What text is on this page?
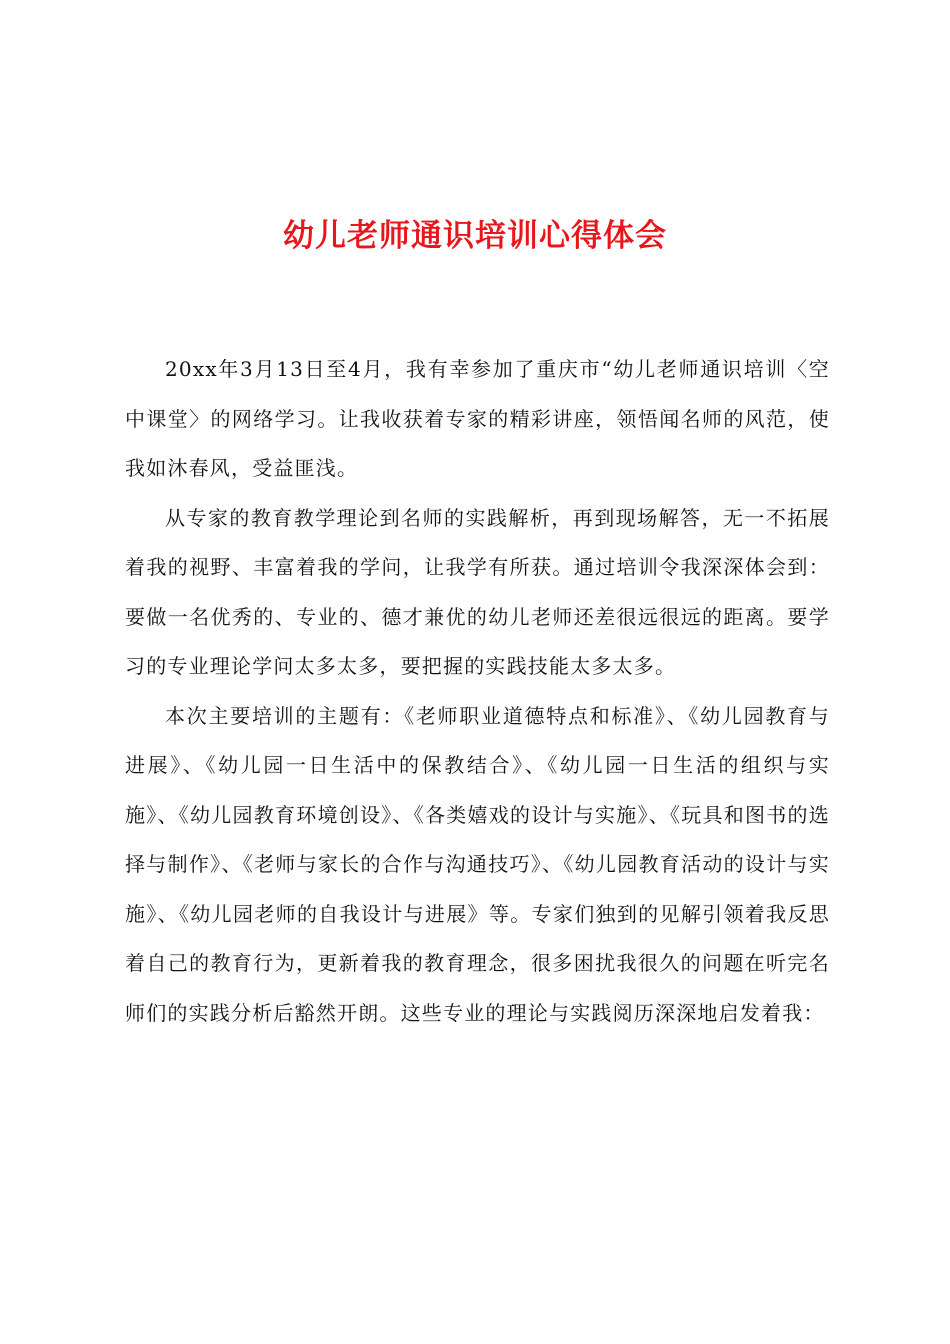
幼儿老师通识培训心得体会

20xx年3月13日至4月，我有幸参加了重庆市“幼儿老师通识培训〈空中课堂〉的网络学习。让我收获着专家的精彩讲座，领悟闻名师的风范，使我如沐春风，受益匪浅。

从专家的教育教学理论到名师的实践解析，再到现场解答，无一不拓展着我的视野、丰富着我的学问，让我学有所获。通过培训令我深深体会到：要做一名优秀的、专业的、德才兼优的幼儿老师还差很远很远的距离。要学习的专业理论学问太多太多，要把握的实践技能太多太多。

本次主要培训的主题有：《老师职业道德特点和标准》、《幼儿园教育与进展》、《幼儿园一日生活中的保教结合》、《幼儿园一日生活的组织与实施》、《幼儿园教育环境创设》、《各类嬉戏的设计与实施》、《玩具和图书的选择与制作》、《老师与家长的合作与沟通技巧》、《幼儿园教育活动的设计与实施》、《幼儿园老师的自我设计与进展》等。专家们独到的见解引领着我反思着自己的教育行为，更新着我的教育理念，很多困扰我很久的问题在听完名师们的实践分析后豁然开朗。这些专业的理论与实践阅历深深地启发着我：
